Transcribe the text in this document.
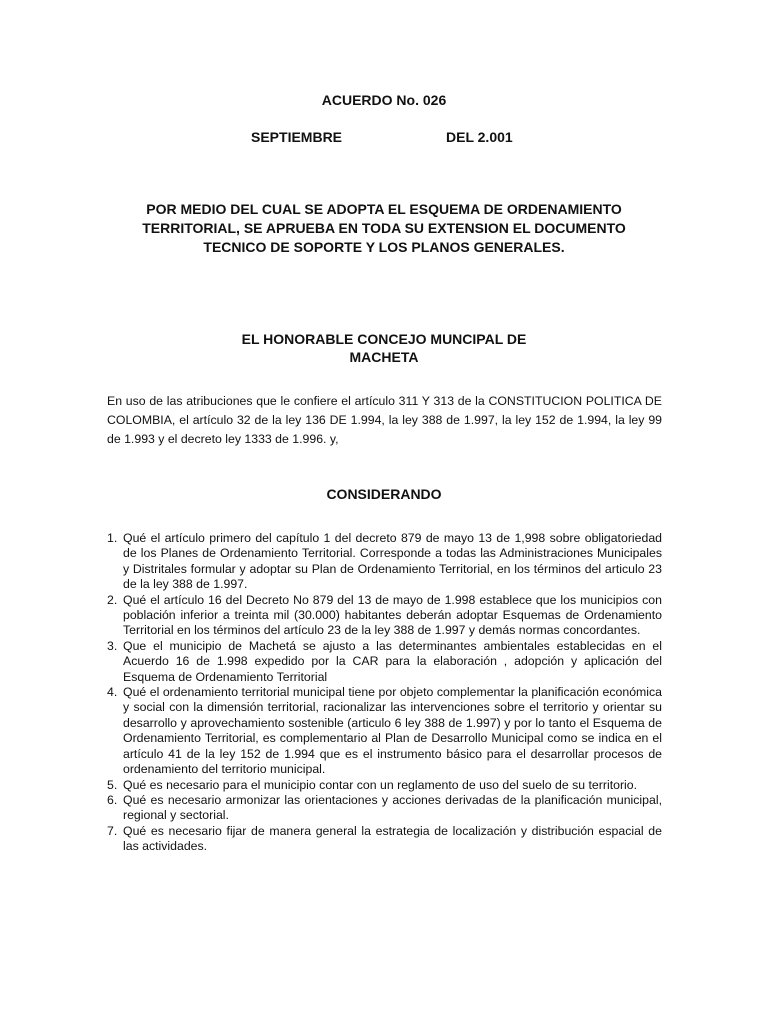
ACUERDO No. 026
SEPTIEMBRE	DEL 2.001
POR MEDIO DEL CUAL SE ADOPTA EL ESQUEMA DE ORDENAMIENTO
TERRITORIAL, SE APRUEBA EN TODA SU EXTENSION EL DOCUMENTO
TECNICO DE SOPORTE Y LOS PLANOS GENERALES.
EL HONORABLE CONCEJO MUNCIPAL DE
MACHETA

En uso de las atribuciones que le confiere el artículo 311 Y 313 de la CONSTITUCION POLITICA DE COLOMBIA, el artículo 32 de la ley 136 DE 1.994, la ley 388 de 1.997, la ley 152 de 1.994, la ley 99 de 1.993 y el decreto ley 1333 de 1.996. y,

CONSIDERANDO
1. Qué el artículo primero del capítulo 1 del decreto 879 de mayo 13 de 1,998 sobre obligatoriedad de los Planes de Ordenamiento Territorial. Corresponde a todas las Administraciones Municipales y Distritales formular y adoptar su Plan de Ordenamiento Territorial, en los términos del articulo 23 de la ley 388 de 1.997.
2. Qué el artículo 16 del Decreto No 879 del 13 de mayo de 1.998 establece que los municipios con población inferior a treinta mil (30.000) habitantes deberán adoptar Esquemas de Ordenamiento Territorial en los términos del artículo 23 de la ley 388 de 1.997 y demás normas concordantes.
3. Que el municipio de Machetá se ajusto a las determinantes ambientales establecidas en el Acuerdo 16 de 1.998 expedido por la CAR para la elaboración , adopción y aplicación del Esquema de Ordenamiento Territorial
4. Qué el ordenamiento territorial municipal tiene por objeto complementar la planificación económica y social con la dimensión territorial, racionalizar las intervenciones sobre el territorio y orientar su desarrollo y aprovechamiento sostenible (articulo 6 ley 388 de 1.997) y por lo tanto el Esquema de Ordenamiento Territorial, es complementario al Plan de Desarrollo Municipal como se indica en el artículo 41 de la ley 152 de 1.994 que es el instrumento básico para el desarrollar procesos de ordenamiento del territorio municipal.
5. Qué es necesario para el municipio contar con un reglamento de uso del suelo de su territorio.
6. Qué es necesario armonizar las orientaciones y acciones derivadas de la planificación municipal, regional y sectorial.
7. Qué es necesario fijar de manera general la estrategia de localización y distribución espacial de las actividades.
